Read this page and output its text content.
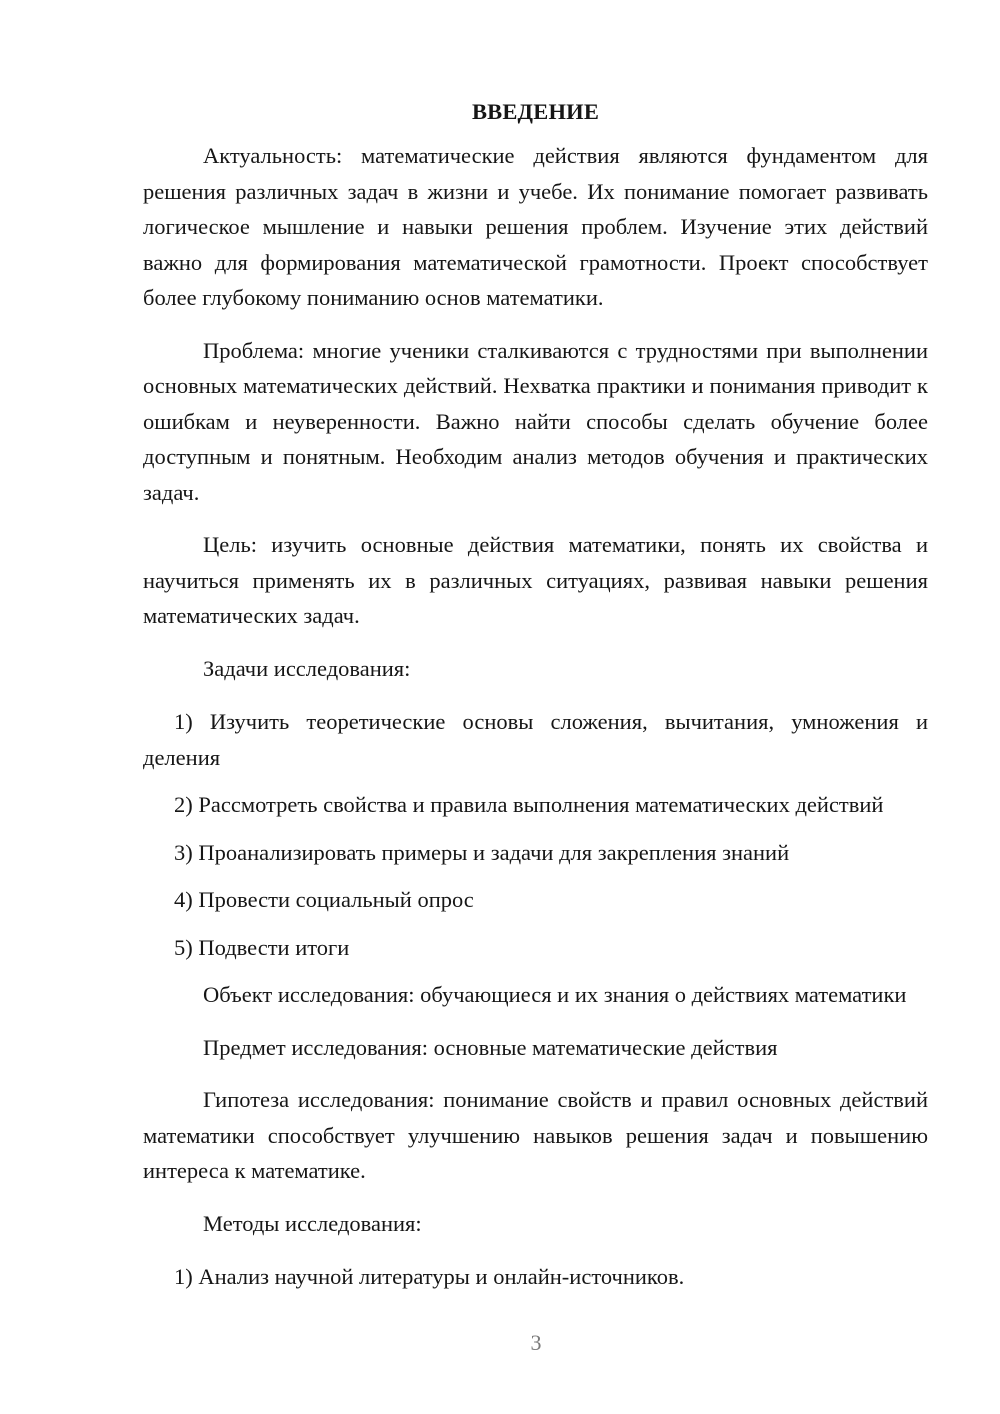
ВВЕДЕНИЕ

Актуальность: математические действия являются фундаментом для решения различных задач в жизни и учебе. Их понимание помогает развивать логическое мышление и навыки решения проблем. Изучение этих действий важно для формирования математической грамотности. Проект способствует более глубокому пониманию основ математики.

Проблема: многие ученики сталкиваются с трудностями при выполнении основных математических действий. Нехватка практики и понимания приводит к ошибкам и неуверенности. Важно найти способы сделать обучение более доступным и понятным. Необходим анализ методов обучения и практических задач.

Цель: изучить основные действия математики, понять их свойства и научиться применять их в различных ситуациях, развивая навыки решения математических задач.

Задачи исследования:

1) Изучить теоретические основы сложения, вычитания, умножения и деления

2) Рассмотреть свойства и правила выполнения математических действий

3) Проанализировать примеры и задачи для закрепления знаний

4) Провести социальный опрос

5) Подвести итоги

Объект исследования: обучающиеся и их знания о действиях математики

Предмет исследования: основные математические действия

Гипотеза исследования: понимание свойств и правил основных действий математики способствует улучшению навыков решения задач и повышению интереса к математике.

Методы исследования:

1) Анализ научной литературы и онлайн-источников.

3
